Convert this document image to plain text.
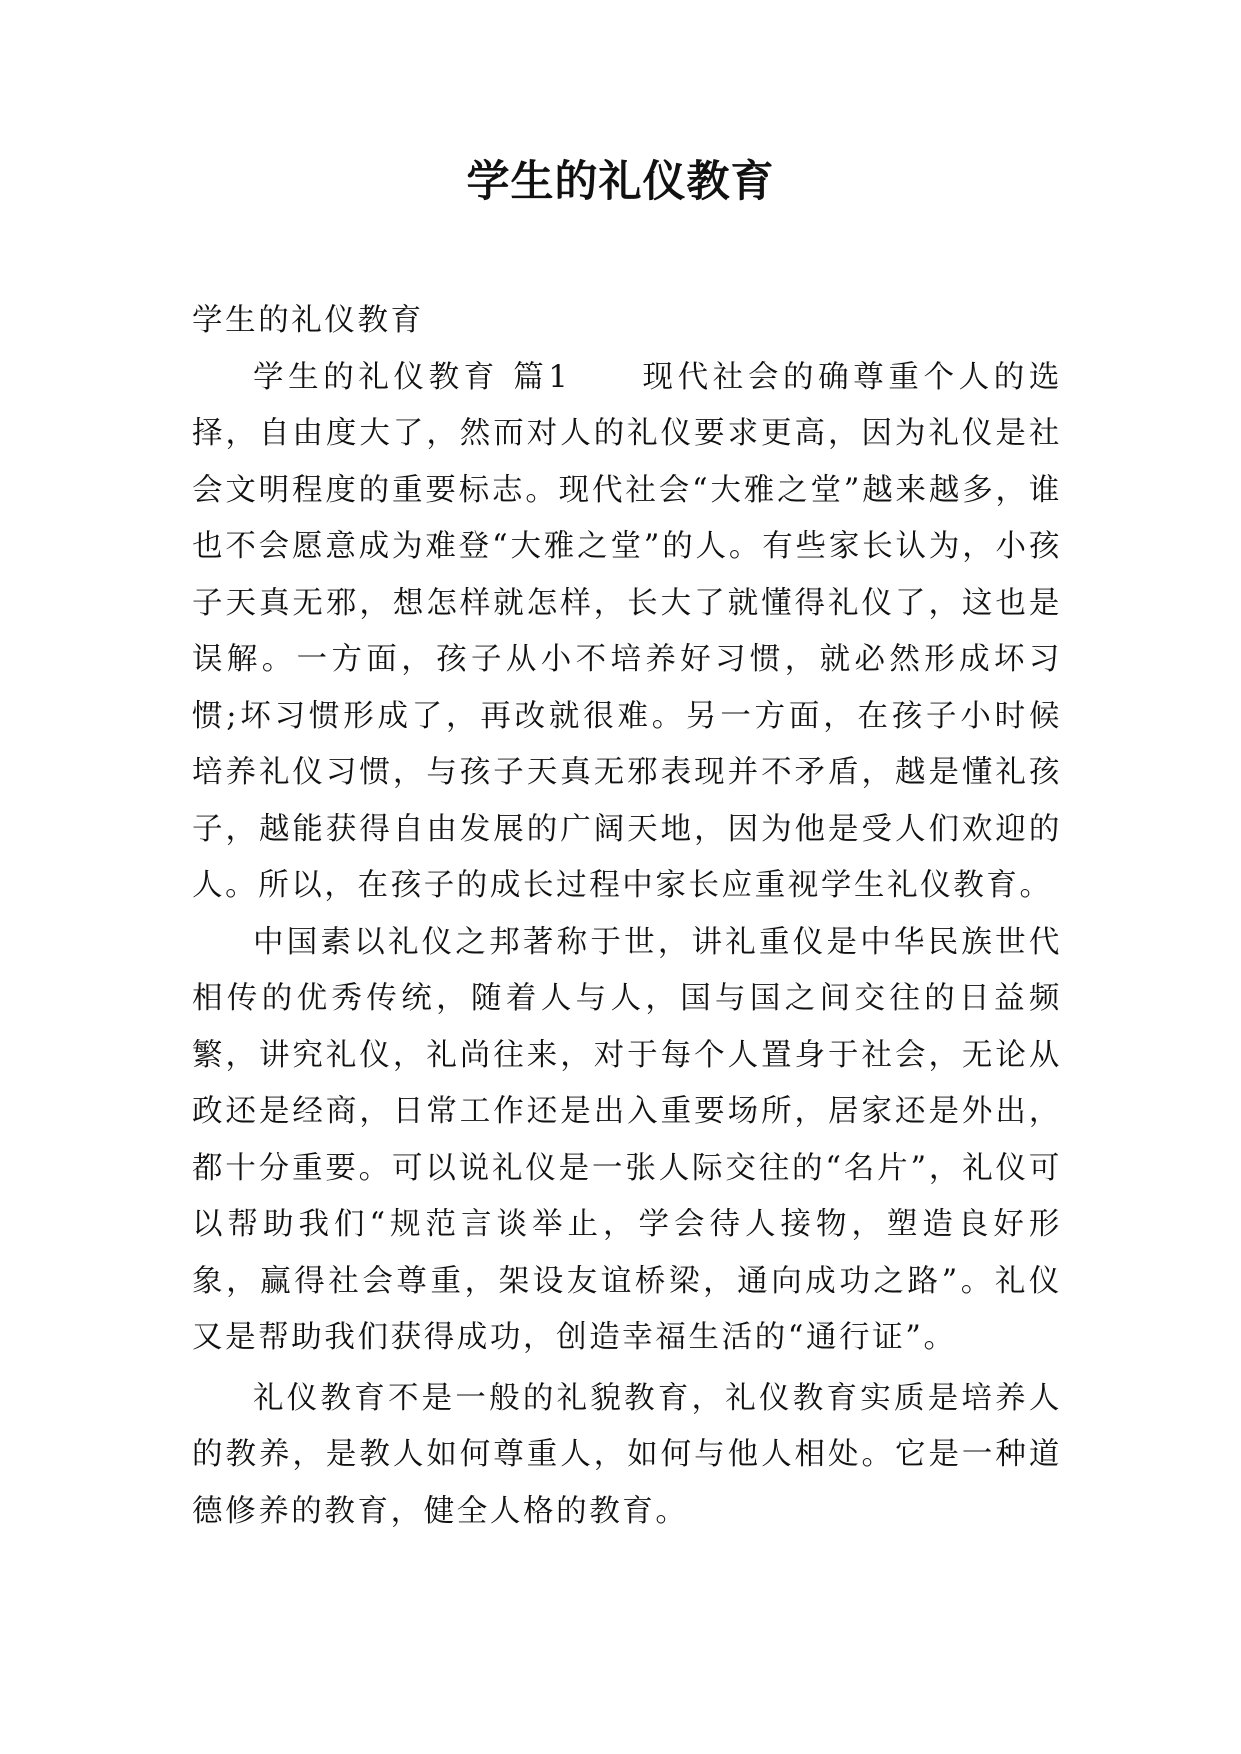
学生的礼仪教育

学生的礼仪教育

学生的礼仪教育 篇1 现代社会的确尊重个人的选择，自由度大了，然而对人的礼仪要求更高，因为礼仪是社会文明程度的重要标志。现代社会“大雅之堂”越来越多，谁也不会愿意成为难登“大雅之堂”的人。有些家长认为，小孩子天真无邪，想怎样就怎样，长大了就懂得礼仪了，这也是误解。一方面，孩子从小不培养好习惯，就必然形成坏习惯;坏习惯形成了，再改就很难。另一方面，在孩子小时候培养礼仪习惯，与孩子天真无邪表现并不矛盾，越是懂礼孩子，越能获得自由发展的广阔天地，因为他是受人们欢迎的人。所以，在孩子的成长过程中家长应重视学生礼仪教育。

中国素以礼仪之邦著称于世，讲礼重仪是中华民族世代相传的优秀传统，随着人与人，国与国之间交往的日益频繁，讲究礼仪，礼尚往来，对于每个人置身于社会，无论从政还是经商，日常工作还是出入重要场所，居家还是外出，都十分重要。可以说礼仪是一张人际交往的“名片”，礼仪可以帮助我们“规范言谈举止，学会待人接物，塑造良好形象，赢得社会尊重，架设友谊桥梁，通向成功之路”。礼仪又是帮助我们获得成功，创造幸福生活的“通行证”。

礼仪教育不是一般的礼貌教育，礼仪教育实质是培养人的教养，是教人如何尊重人，如何与他人相处。它是一种道德修养的教育，健全人格的教育。
